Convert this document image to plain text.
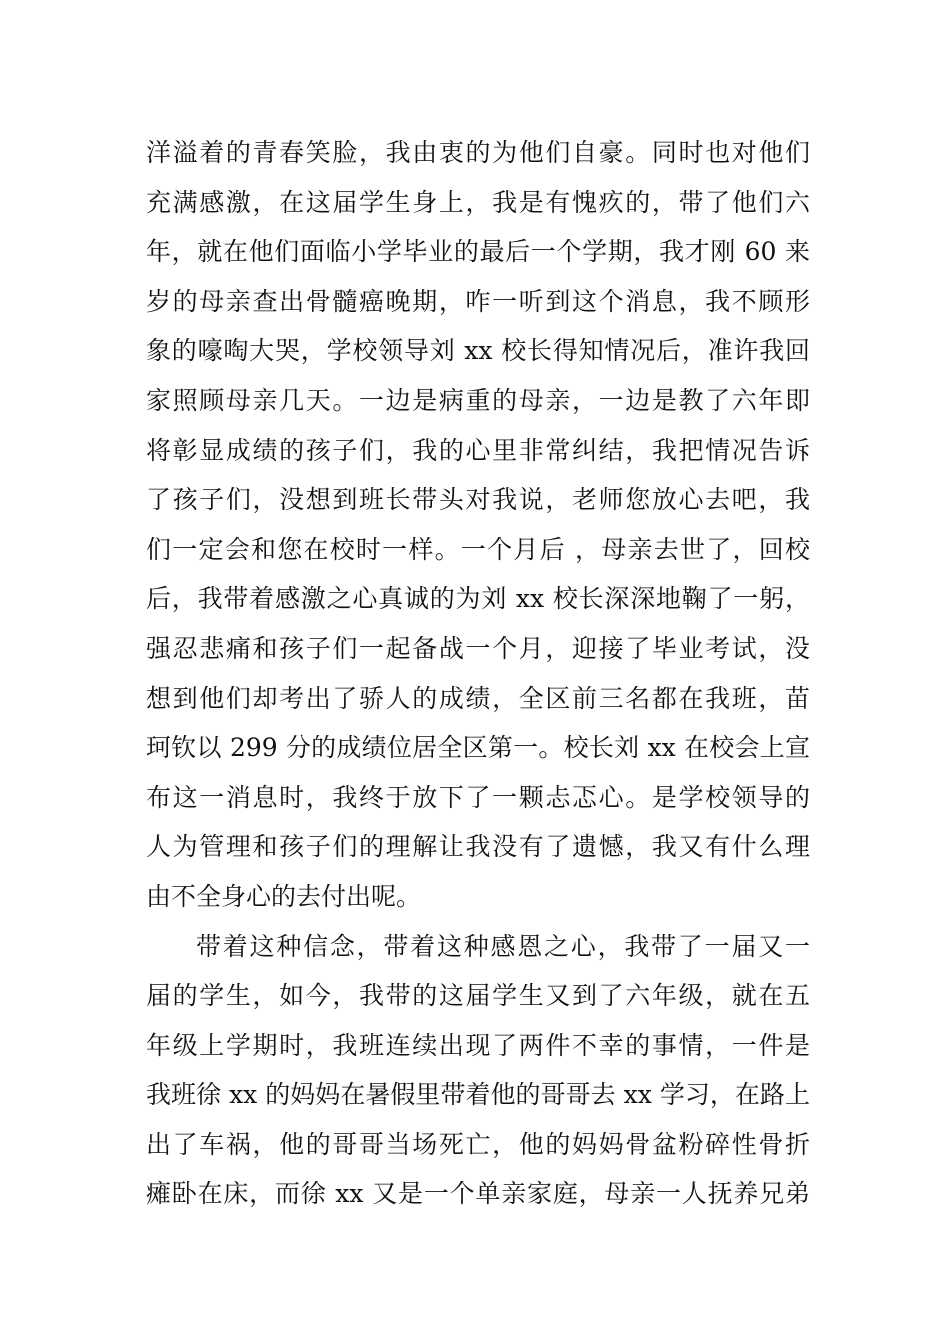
洋溢着的青春笑脸，我由衷的为他们自豪。同时也对他们
充满感激，在这届学生身上，我是有愧疚的，带了他们六
年，就在他们面临小学毕业的最后一个学期，我才刚 60 来
岁的母亲查出骨髓癌晚期，咋一听到这个消息，我不顾形
象的嚎啕大哭，学校领导刘 xx 校长得知情况后，准许我回
家照顾母亲几天。一边是病重的母亲，一边是教了六年即
将彰显成绩的孩子们，我的心里非常纠结，我把情况告诉
了孩子们，没想到班长带头对我说，老师您放心去吧，我
们一定会和您在校时一样。一个月后 ，母亲去世了，回校
后，我带着感激之心真诚的为刘 xx 校长深深地鞠了一躬，
强忍悲痛和孩子们一起备战一个月，迎接了毕业考试，没
想到他们却考出了骄人的成绩，全区前三名都在我班，苗
珂钦以 299 分的成绩位居全区第一。校长刘 xx 在校会上宣
布这一消息时，我终于放下了一颗忐忑心。是学校领导的
人为管理和孩子们的理解让我没有了遗憾，我又有什么理
由不全身心的去付出呢。
带着这种信念，带着这种感恩之心，我带了一届又一
届的学生，如今，我带的这届学生又到了六年级，就在五
年级上学期时，我班连续出现了两件不幸的事情，一件是
我班徐 xx 的妈妈在暑假里带着他的哥哥去 xx 学习，在路上
出了车祸，他的哥哥当场死亡，他的妈妈骨盆粉碎性骨折
瘫卧在床，而徐 xx 又是一个单亲家庭，母亲一人抚养兄弟
